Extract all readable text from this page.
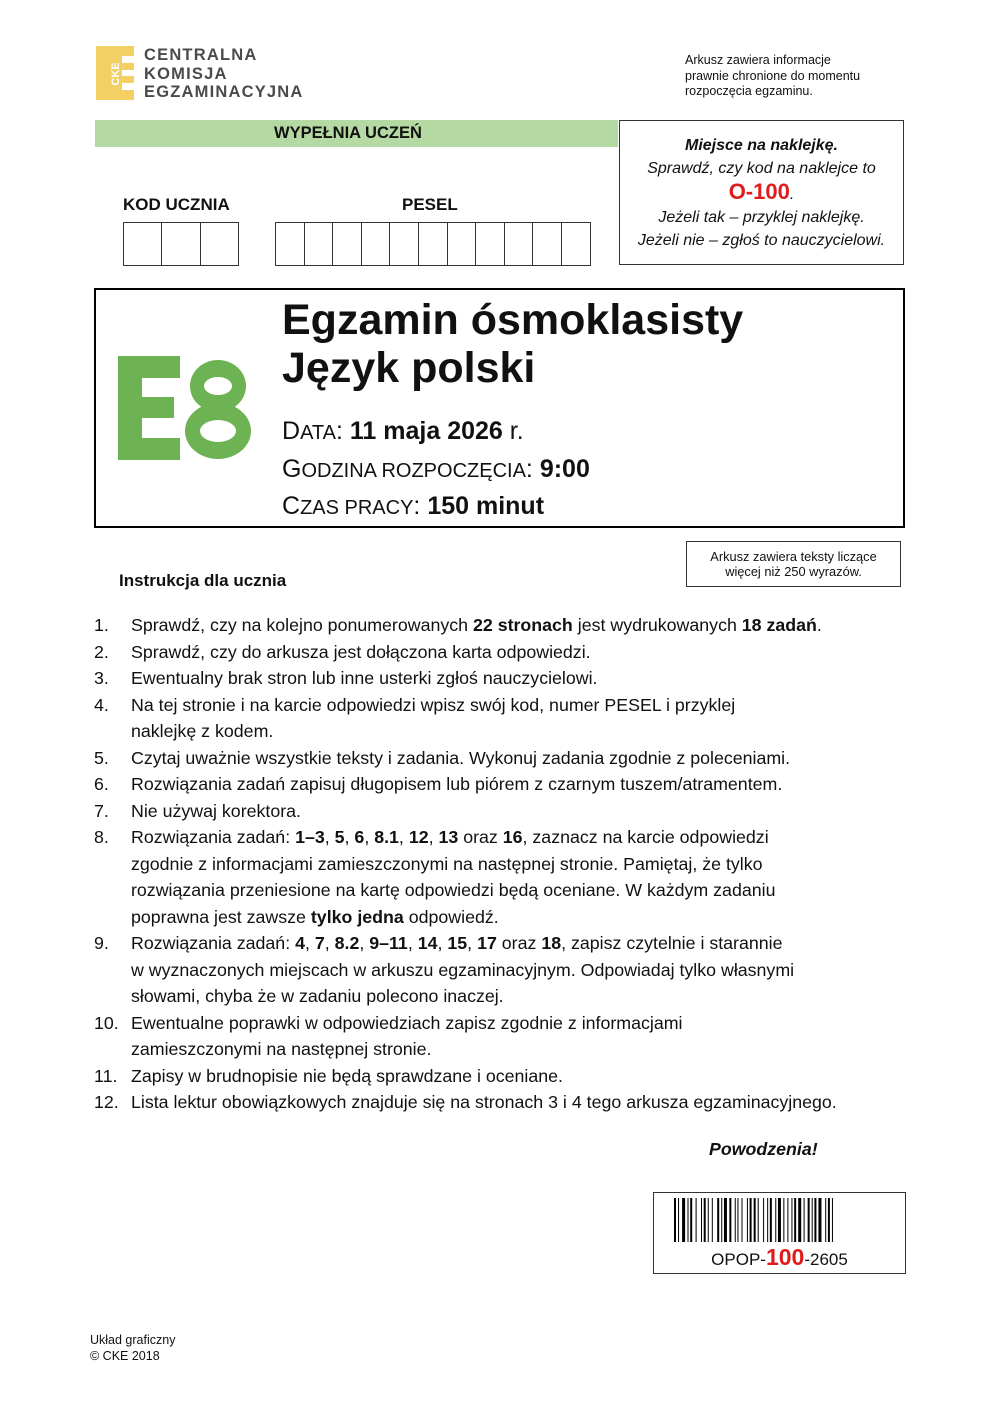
CKE
CENTRALNA
KOMISJA
EGZAMINACYJNA
Arkusz zawiera informacje
prawnie chronione do momentu
rozpoczęcia egzaminu.
WYPEŁNIA UCZEŃ
KOD UCZNIA	PESEL
Miejsce na naklejkę.
Sprawdź, czy kod na naklejce to
O-100.
Jeżeli tak – przyklej naklejkę.
Jeżeli nie – zgłoś to nauczycielowi.
Egzamin ósmoklasisty
Język polski
DATA: 11 maja 2026 r.
GODZINA ROZPOCZĘCIA: 9:00
CZAS PRACY: 150 minut
Arkusz zawiera teksty liczące
więcej niż 250 wyrazów.
Instrukcja dla ucznia
1.	Sprawdź, czy na kolejno ponumerowanych 22 stronach jest wydrukowanych 18 zadań.
2.	Sprawdź, czy do arkusza jest dołączona karta odpowiedzi.
3.	Ewentualny brak stron lub inne usterki zgłoś nauczycielowi.
4.	Na tej stronie i na karcie odpowiedzi wpisz swój kod, numer PESEL i przyklej
naklejkę z kodem.
5.	Czytaj uważnie wszystkie teksty i zadania. Wykonuj zadania zgodnie z poleceniami.
6.	Rozwiązania zadań zapisuj długopisem lub piórem z czarnym tuszem/atramentem.
7.	Nie używaj korektora.
8.	Rozwiązania zadań: 1–3, 5, 6, 8.1, 12, 13 oraz 16, zaznacz na karcie odpowiedzi
zgodnie z informacjami zamieszczonymi na następnej stronie. Pamiętaj, że tylko
rozwiązania przeniesione na kartę odpowiedzi będą oceniane. W każdym zadaniu
poprawna jest zawsze tylko jedna odpowiedź.
9.	Rozwiązania zadań: 4, 7, 8.2, 9–11, 14, 15, 17 oraz 18, zapisz czytelnie i starannie
w wyznaczonych miejscach w arkuszu egzaminacyjnym. Odpowiadaj tylko własnymi
słowami, chyba że w zadaniu polecono inaczej.
10. Ewentualne poprawki w odpowiedziach zapisz zgodnie z informacjami
zamieszczonymi na następnej stronie.
11. Zapisy w brudnopisie nie będą sprawdzane i oceniane.
12. Lista lektur obowiązkowych znajduje się na stronach 3 i 4 tego arkusza egzaminacyjnego.
Powodzenia!
OPOP-100-2605
Układ graficzny
© CKE 2018
